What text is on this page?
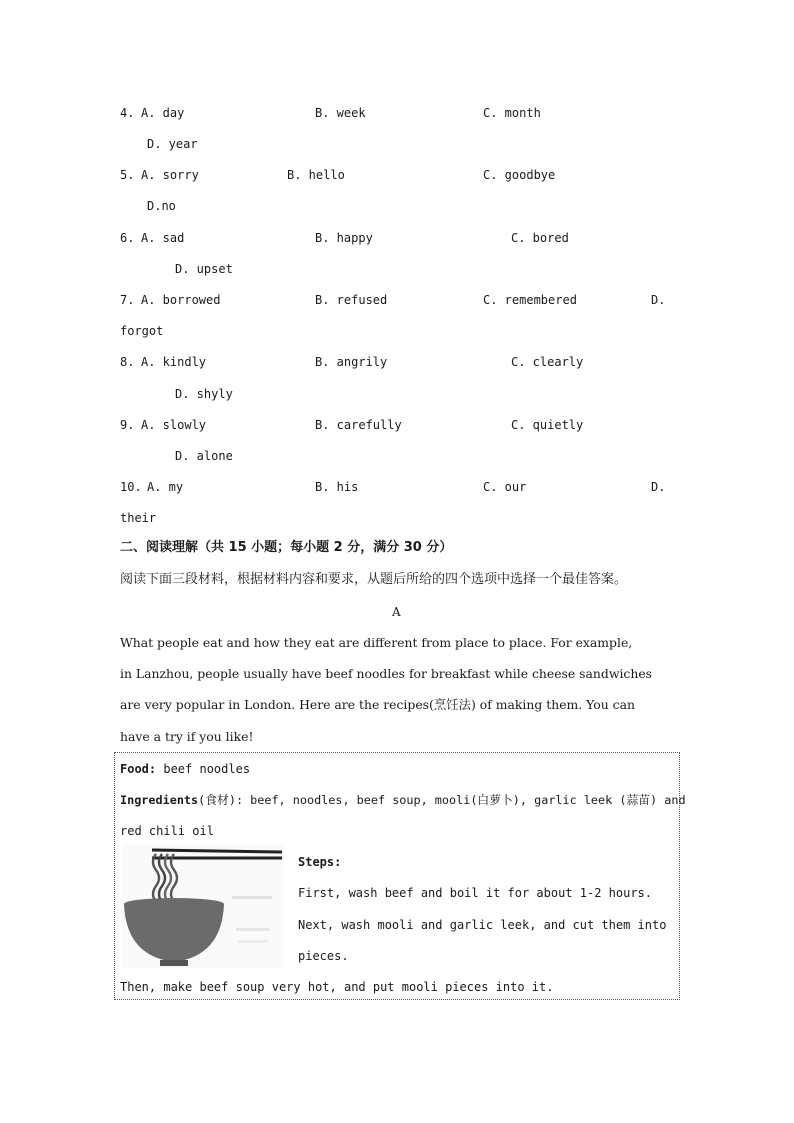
4. A. day	B. week	C. month
D. year
5. A. sorry	B. hello	C. goodbye
D.no
6. A. sad	B. happy	C. bored
D. upset
7. A. borrowed	B. refused	C. remembered	D.
forgot
8. A. kindly	B. angrily	C. clearly
D. shyly
9. A. slowly	B. carefully	C. quietly
D. alone
10. A. my	B. his	C. our	D.
their
二、阅读理解（共 15 小题；每小题 2 分，满分 30 分）
阅读下面三段材料，根据材料内容和要求，从题后所给的四个选项中选择一个最佳答案。
A
What people eat and how they eat are different from place to place. For example,
in Lanzhou, people usually have beef noodles for breakfast while cheese sandwiches
are very popular in London. Here are the recipes(烹饪法) of making them. You can
have a try if you like!
Food: beef noodles
Ingredients(食材): beef, noodles, beef soup, mooli(白萝卜), garlic leek (蒜苗) and
red chili oil
Steps:
First, wash beef and boil it for about 1-2 hours.
Next, wash mooli and garlic leek, and cut them into
pieces.
Then, make beef soup very hot, and put mooli pieces into it.
